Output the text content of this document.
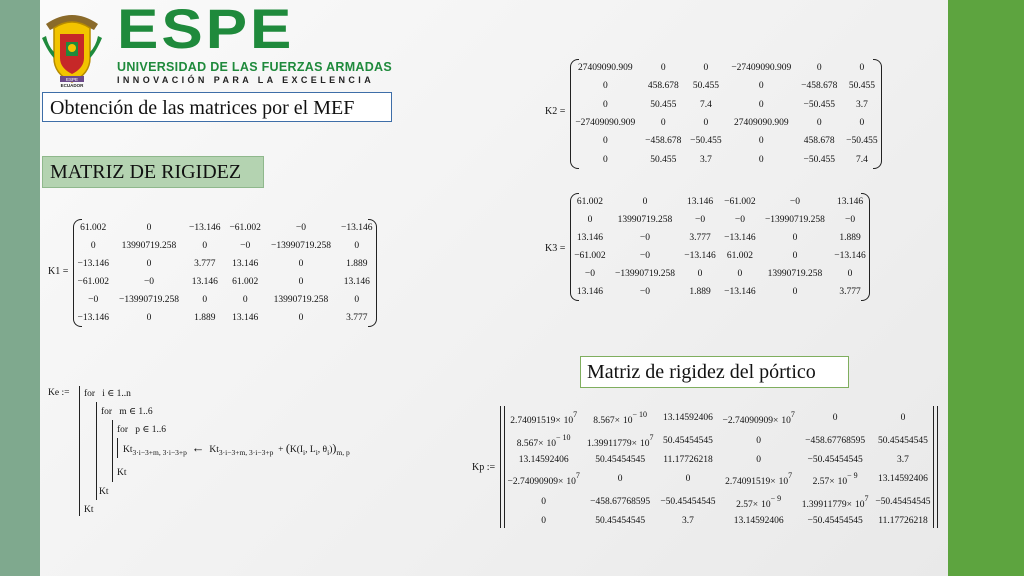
ESPE
ECUADOR
ESPE
UNIVERSIDAD DE LAS FUERZAS ARMADAS
INNOVACIÓN PARA LA EXCELENCIA
Obtención de las matrices por el MEF
MATRIZ DE RIGIDEZ
Matriz de rigidez del pórtico
K2 =
27409090.909	0	0	−27409090.909	0	0
0	458.678	50.455	0	−458.678	50.455
0	50.455	7.4	0	−50.455	3.7
−27409090.909	0	0	27409090.909	0	0
0	−458.678	−50.455	0	458.678	−50.455
0	50.455	3.7	0	−50.455	7.4
K3 =
61.002	0	13.146	−61.002	−0	13.146
0	13990719.258	−0	−0	−13990719.258	−0
13.146	−0	3.777	−13.146	0	1.889
−61.002	−0	−13.146	61.002	0	−13.146
−0	−13990719.258	0	0	13990719.258	0
13.146	−0	1.889	−13.146	0	3.777
K1 =
61.002	0	−13.146	−61.002	−0	−13.146
0	13990719.258	0	−0	−13990719.258	0
−13.146	0	3.777	13.146	0	1.889
−61.002	−0	13.146	61.002	0	13.146
−0	−13990719.258	0	0	13990719.258	0
−13.146	0	1.889	13.146	0	3.777
Ke := for i ∈ 1..n
for m ∈ 1..6
for p ∈ 1..6
$Kt_{3\cdot i-3+m, 3\cdot i-3+p}$ ← $Kt_{3\cdot i-3+m, 3\cdot i-3+p} + (K(I_i$, $L_i$, $\theta_i))_{m, p}$
Kt
Kt
Kt
Kp :=
$2.74091519\times 10^7$	$8.567\times 10^{- 10}$	13.14592406	$-2.74090909\times 10^7$	0	0
$8.567\times 10^{- 10}$	$1.39911779\times 10^7$	50.45454545	0	−458.67768595	50.45454545
13.14592406	50.45454545	11.17726218	0	−50.45454545	3.7
$-2.74090909\times 10^7$	0	0	$2.74091519\times 10^7$	$2.57\times 10^{- 9}$	13.14592406
0	−458.67768595	−50.45454545	$2.57\times 10^{- 9}$	$1.39911779\times 10^7$	−50.45454545
0	50.45454545	3.7	13.14592406	−50.45454545	11.17726218
